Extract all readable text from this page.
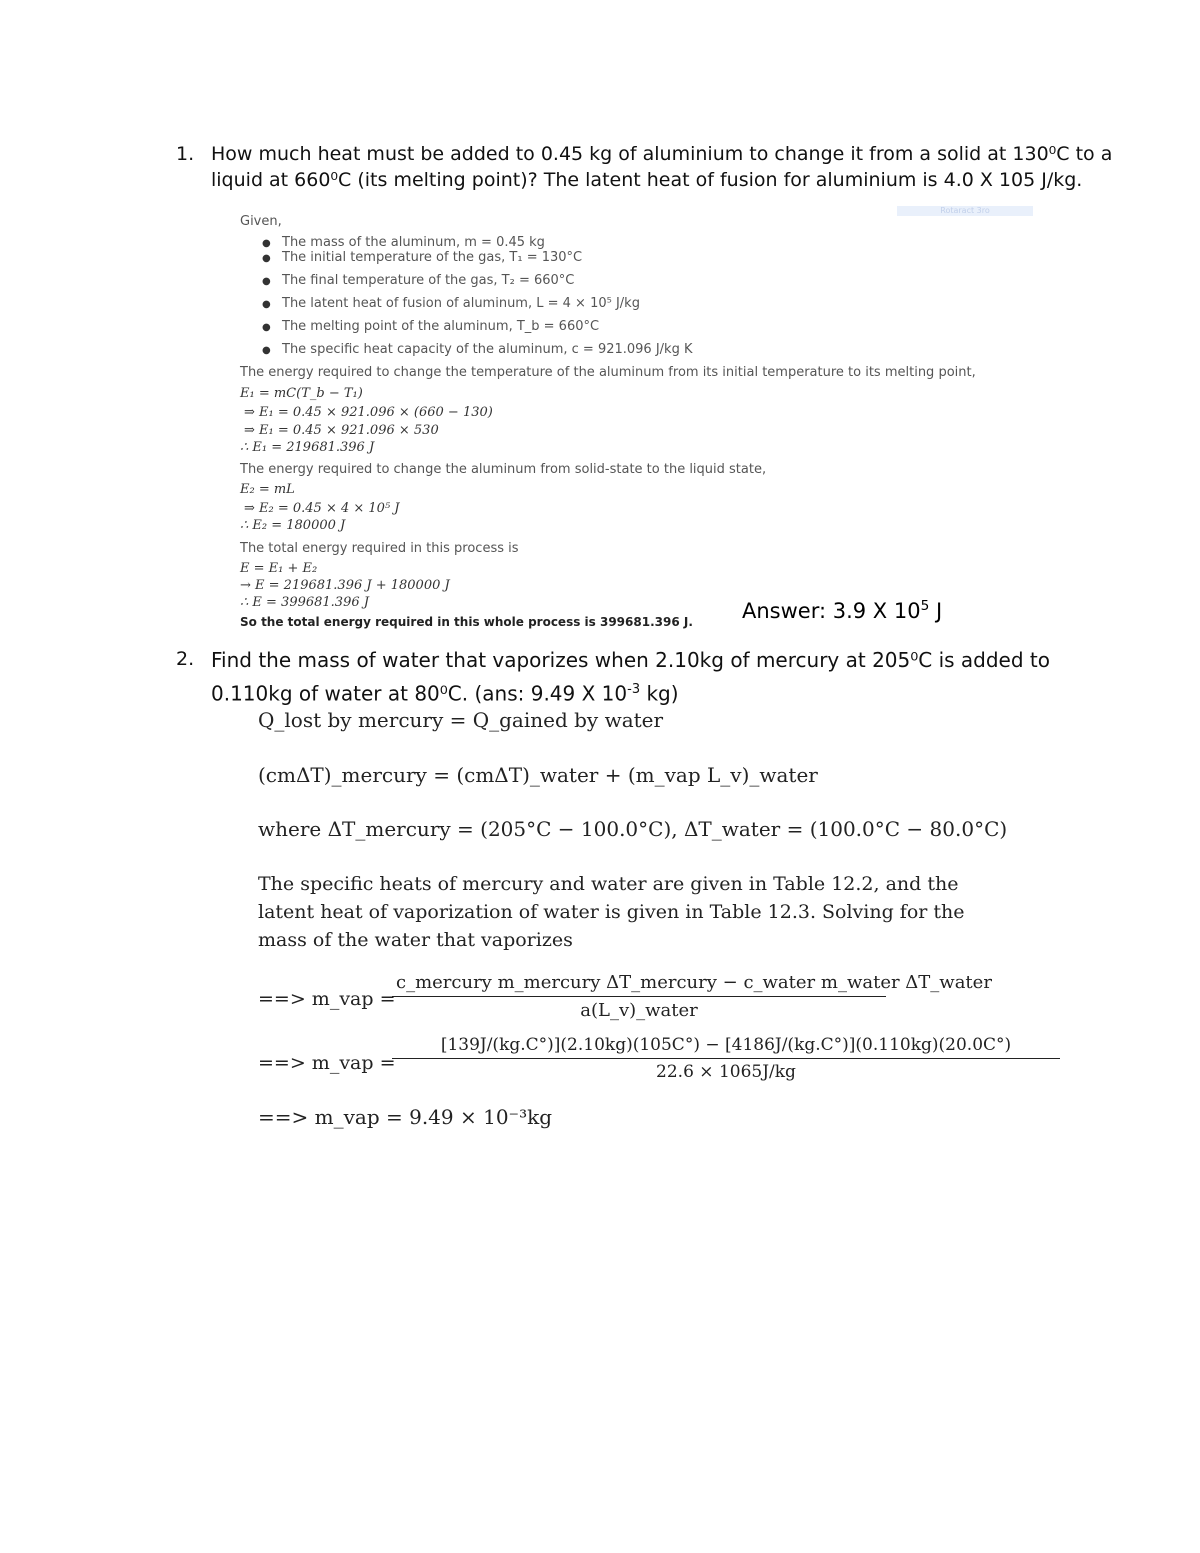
1. How much heat must be added to 0.45 kg of aluminium to change it from a solid at 130⁰C to a
liquid at 660⁰C (its melting point)? The latent heat of fusion for aluminium is 4.0 X 105 J/kg.
Rotaract 3ro
Given,
● The mass of the aluminum, m = 0.45 kg
● The initial temperature of the gas, T₁ = 130°C
● The final temperature of the gas, T₂ = 660°C
● The latent heat of fusion of aluminum, L = 4 × 10⁵ J/kg
● The melting point of the aluminum, T_b = 660°C
● The specific heat capacity of the aluminum, c = 921.096 J/kg K
The energy required to change the temperature of the aluminum from its initial temperature to its melting point,
E₁ = mC(T_b − T₁)
⇒ E₁ = 0.45 × 921.096 × (660 − 130)
⇒ E₁ = 0.45 × 921.096 × 530
∴ E₁ = 219681.396 J
The energy required to change the aluminum from solid-state to the liquid state,
E₂ = mL
⇒ E₂ = 0.45 × 4 × 10⁵ J
∴ E₂ = 180000 J
The total energy required in this process is
E = E₁ + E₂
→ E = 219681.396 J + 180000 J
∴ E = 399681.396 J
So the total energy required in this whole process is 399681.396 J. Answer: 3.9 X $10^5$ J
2. Find the mass of water that vaporizes when 2.10kg of mercury at 205⁰C is added to
0.110kg of water at 80⁰C. (ans: 9.49 X $10^{-3}$ kg)
Q_lost by mercury = Q_gained by water
(cmΔT)_mercury = (cmΔT)_water + (m_vap L_v)_water
where ΔT_mercury = (205°C − 100.0°C), ΔT_water = (100.0°C − 80.0°C)
The specific heats of mercury and water are given in Table 12.2, and the
latent heat of vaporization of water is given in Table 12.3. Solving for the
mass of the water that vaporizes
==> m_vap =
c_mercury m_mercury ΔT_mercury − c_water m_water ΔT_water
a(L_v)_water
==> m_vap =
[139J/(kg.C°)](2.10kg)(105C°) − [4186J/(kg.C°)](0.110kg)(20.0C°)
22.6 × 1065J/kg
==> m_vap = 9.49 × 10⁻³kg
